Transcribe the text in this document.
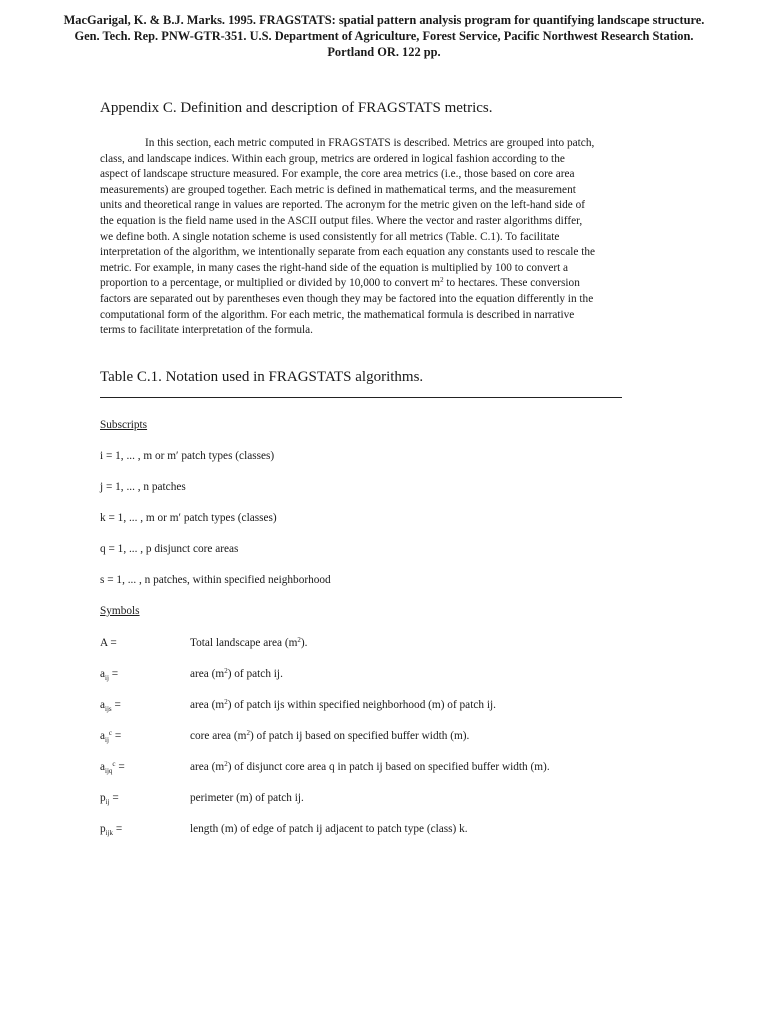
MacGarigal, K. & B.J. Marks. 1995. FRAGSTATS: spatial pattern analysis program for quantifying landscape structure.
Gen. Tech. Rep. PNW-GTR-351. U.S. Department of Agriculture, Forest Service, Pacific Northwest Research Station.
Portland OR. 122 pp.
Appendix C. Definition and description of FRAGSTATS metrics.

In this section, each metric computed in FRAGSTATS is described. Metrics are grouped into patch,
class, and landscape indices. Within each group, metrics are ordered in logical fashion according to the
aspect of landscape structure measured. For example, the core area metrics (i.e., those based on core area
measurements) are grouped together. Each metric is defined in mathematical terms, and the measurement
units and theoretical range in values are reported. The acronym for the metric given on the left-hand side of
the equation is the field name used in the ASCII output files. Where the vector and raster algorithms differ,
we define both. A single notation scheme is used consistently for all metrics (Table. C.1). To facilitate
interpretation of the algorithm, we intentionally separate from each equation any constants used to rescale the
metric. For example, in many cases the right-hand side of the equation is multiplied by 100 to convert a
proportion to a percentage, or multiplied or divided by 10,000 to convert $m^2$ to hectares. These conversion
factors are separated out by parentheses even though they may be factored into the equation differently in the
computational form of the algorithm. For each metric, the mathematical formula is described in narrative
terms to facilitate interpretation of the formula.

Table C.1. Notation used in FRAGSTATS algorithms.
Subscripts
i = 1, ... , m or m′ patch types (classes)
j = 1, ... , n patches
k = 1, ... , m or m′ patch types (classes)
q = 1, ... , p disjunct core areas
s = 1, ... , n patches, within specified neighborhood
Symbols
A =	Total landscape area $(m^2)$.
$a_{ij}$ =	area $(m^2)$ of patch ij.
$a_{ijs}$ =	area $(m^2)$ of patch ijs within specified neighborhood (m) of patch ij.
$a_{ij}^c$ =	core area $(m^2)$ of patch ij based on specified buffer width (m).
$a_{ijq}^c$ =	area $(m^2)$ of disjunct core area q in patch ij based on specified buffer width (m).
$p_{ij}$ =	perimeter (m) of patch ij.
$p_{ijk}$ =	length (m) of edge of patch ij adjacent to patch type (class) k.
